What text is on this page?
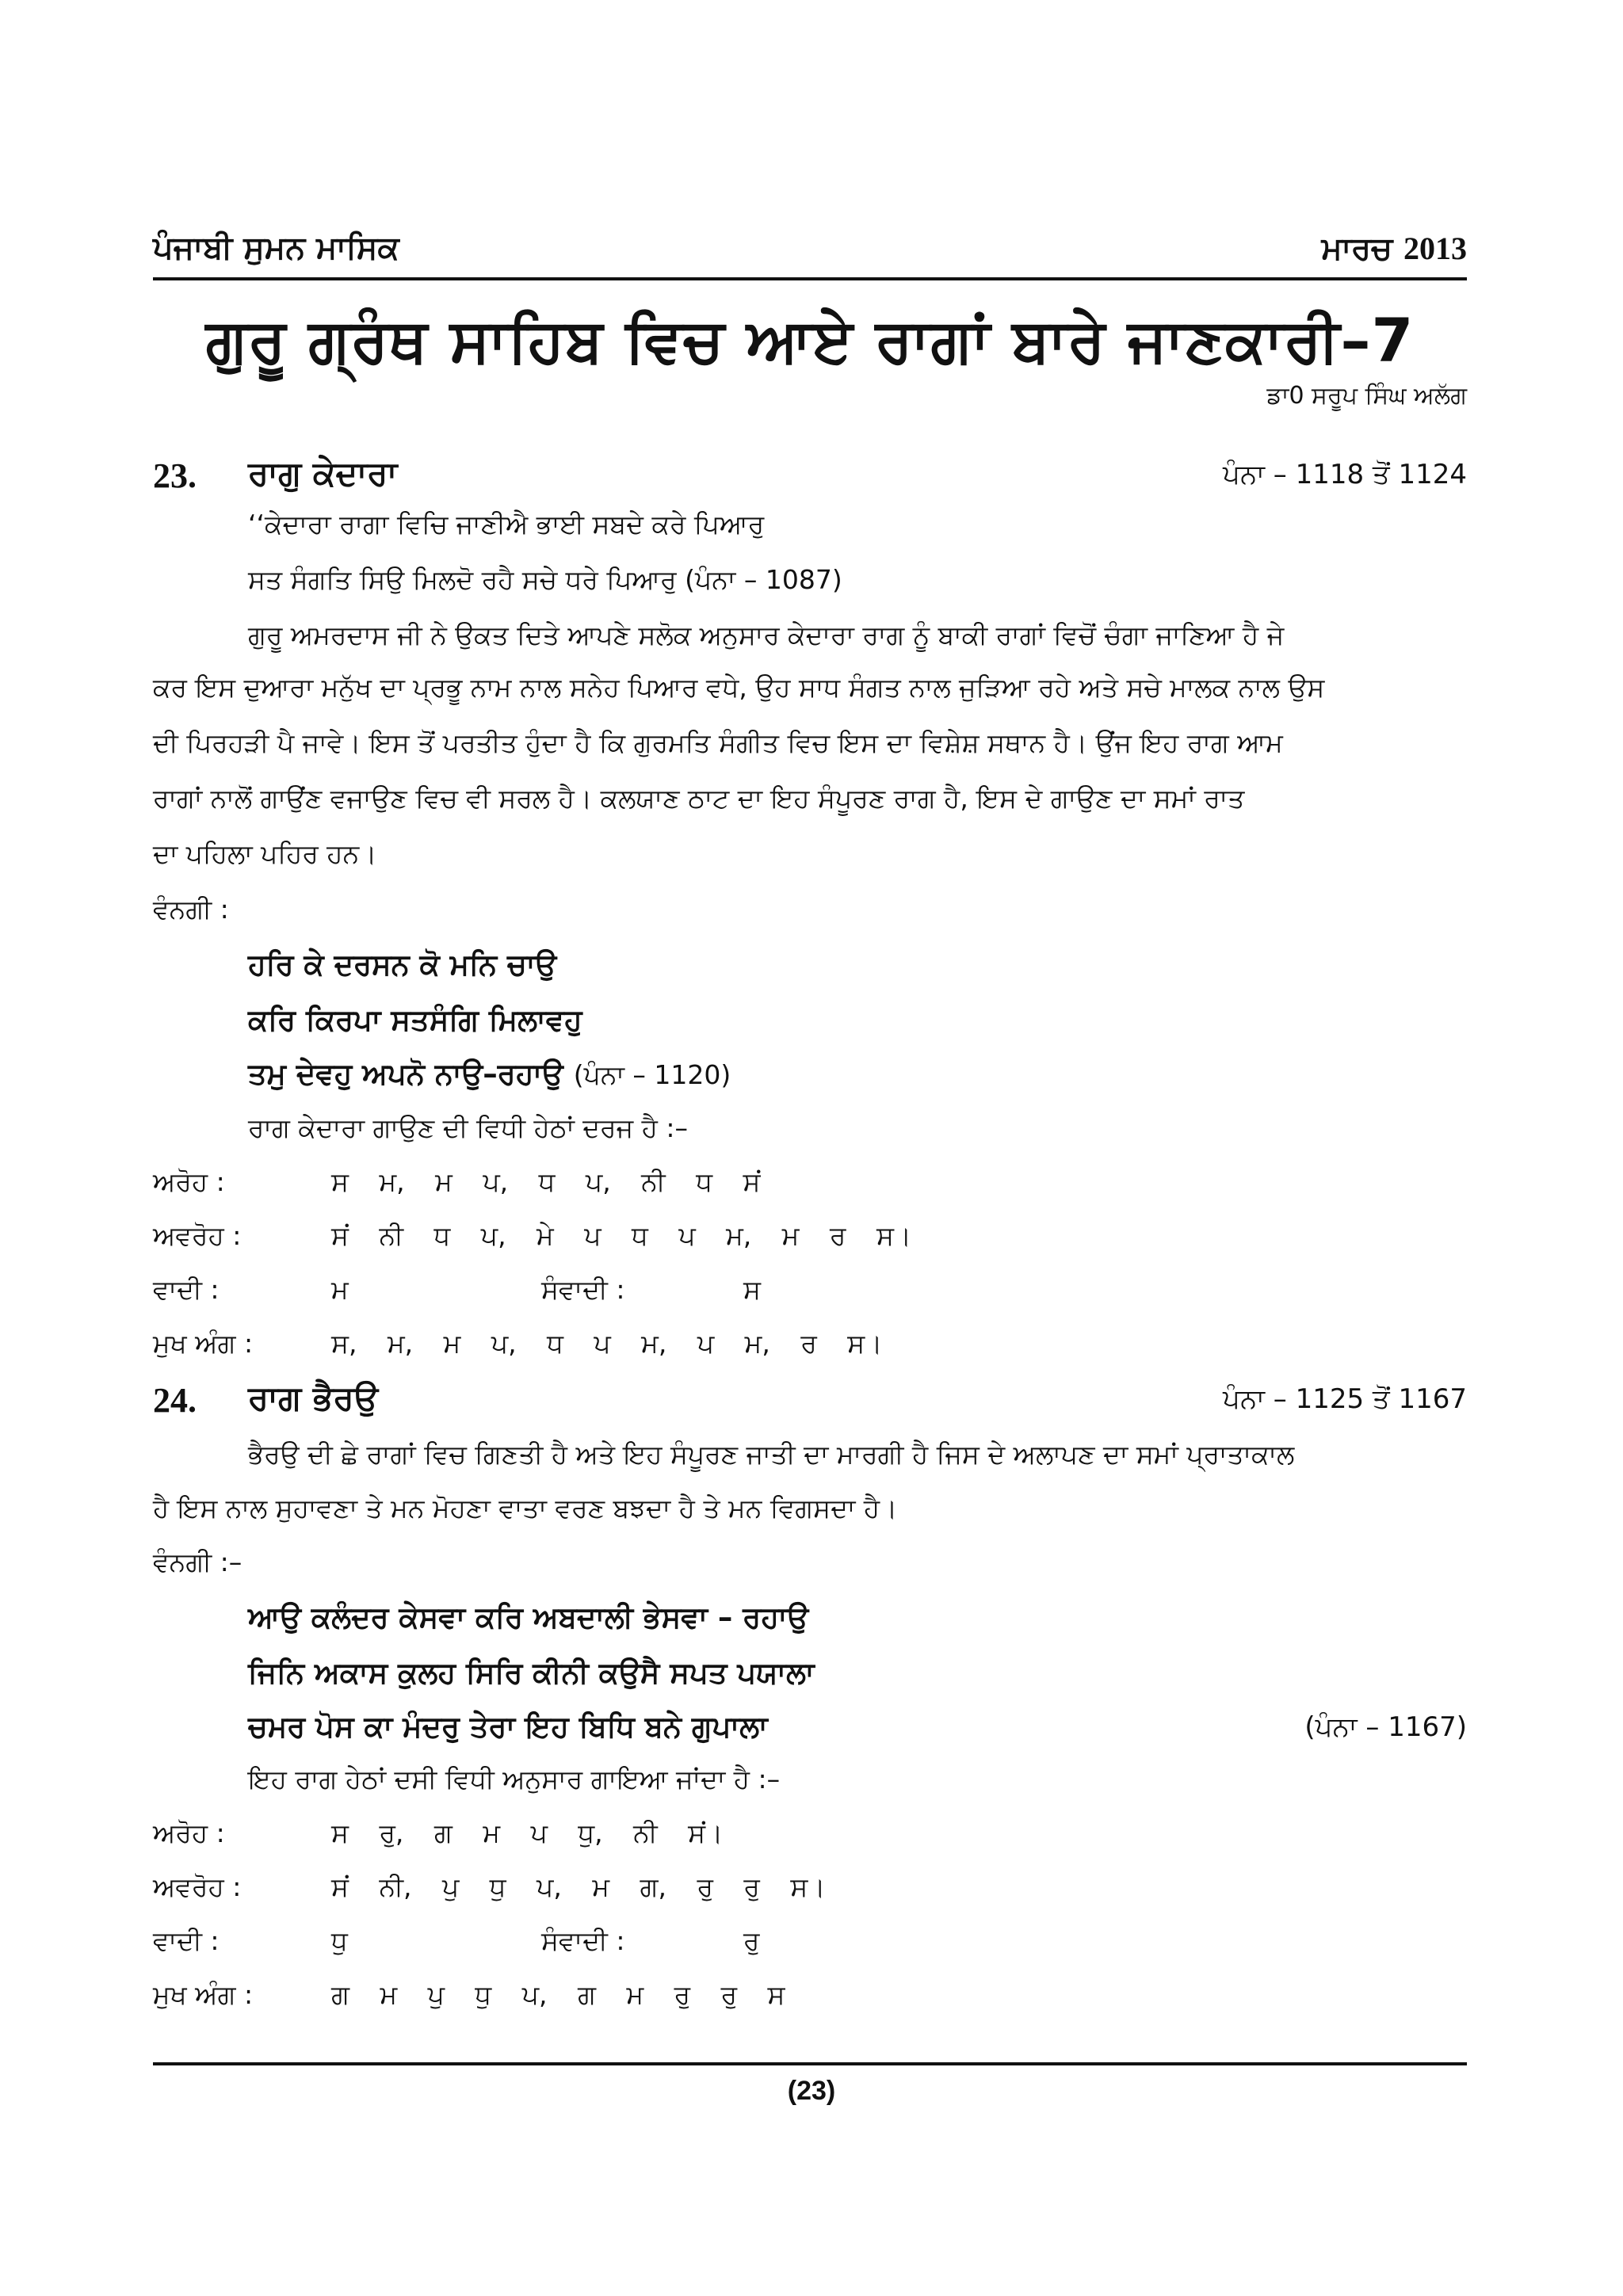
ਪੰਜਾਬੀ ਸੁਮਨ ਮਾਸਿਕ	ਮਾਰਚ 2013
ਗੁਰੂ ਗ੍ਰੰਥ ਸਾਹਿਬ ਵਿਚ ਆਏ ਰਾਗਾਂ ਬਾਰੇ ਜਾਣਕਾਰੀ–7
ਡਾ0 ਸਰੂਪ ਸਿੰਘ ਅਲੱਗ
23. ਰਾਗੁ ਕੇਦਾਰਾ	ਪੰਨਾ – 1118 ਤੋਂ 1124
‘‘ਕੇਦਾਰਾ ਰਾਗਾ ਵਿਚਿ ਜਾਣੀਐ ਭਾਈ ਸਬਦੇ ਕਰੇ ਪਿਆਰੁ
ਸਤ ਸੰਗਤਿ ਸਿਉ ਮਿਲਦੋ ਰਹੈ ਸਚੇ ਧਰੇ ਪਿਆਰੁ (ਪੰਨਾ – 1087)
ਗੁਰੂ ਅਮਰਦਾਸ ਜੀ ਨੇ ਉਕਤ ਦਿਤੇ ਆਪਣੇ ਸਲੋਕ ਅਨੁਸਾਰ ਕੇਦਾਰਾ ਰਾਗ ਨੂੰ ਬਾਕੀ ਰਾਗਾਂ ਵਿਚੋਂ ਚੰਗਾ ਜਾਣਿਆ ਹੈ ਜੇ
ਕਰ ਇਸ ਦੁਆਰਾ ਮਨੁੱਖ ਦਾ ਪ੍ਰਭੂ ਨਾਮ ਨਾਲ ਸਨੇਹ ਪਿਆਰ ਵਧੇ, ਉਹ ਸਾਧ ਸੰਗਤ ਨਾਲ ਜੁੜਿਆ ਰਹੇ ਅਤੇ ਸਚੇ ਮਾਲਕ ਨਾਲ ਉਸ
ਦੀ ਪਿਰਹੜੀ ਪੈ ਜਾਵੇ। ਇਸ ਤੋਂ ਪਰਤੀਤ ਹੁੰਦਾ ਹੈ ਕਿ ਗੁਰਮਤਿ ਸੰਗੀਤ ਵਿਚ ਇਸ ਦਾ ਵਿਸ਼ੇਸ਼ ਸਥਾਨ ਹੈ। ਉਂਜ ਇਹ ਰਾਗ ਆਮ
ਰਾਗਾਂ ਨਾਲੋਂ ਗਾਉਂਣ ਵਜਾਉਣ ਵਿਚ ਵੀ ਸਰਲ ਹੈ। ਕਲਯਾਣ ਠਾਟ ਦਾ ਇਹ ਸੰਪੂਰਣ ਰਾਗ ਹੈ, ਇਸ ਦੇ ਗਾਉਣ ਦਾ ਸਮਾਂ ਰਾਤ
ਦਾ ਪਹਿਲਾ ਪਹਿਰ ਹਨ।
ਵੰਨਗੀ :
ਹਰਿ ਕੇ ਦਰਸਨ ਕੋ ਮਨਿ ਚਾਉ
ਕਰਿ ਕਿਰਪਾ ਸਤਸੰਗਿ ਮਿਲਾਵਹੁ
ਤਮੁ ਦੇਵਹੁ ਅਪਨੋ ਨਾਉ–ਰਹਾਉ (ਪੰਨਾ – 1120)
ਰਾਗ ਕੇਦਾਰਾ ਗਾਉਣ ਦੀ ਵਿਧੀ ਹੇਠਾਂ ਦਰਜ ਹੈ :–
ਅਰੋਹ :	ਸ ਮ, ਮ ਪ, ਧ ਪ, ਨੀ ਧ ਸਂ
ਅਵਰੋਹ :	ਸਂ ਨੀ ਧ ਪ, ਮੇ ਪ ਧ ਪ ਮ, ਮ ਰ ਸ।
ਵਾਦੀ :	ਮ	ਸੰਵਾਦੀ :	ਸ
ਮੁਖ ਅੰਗ :	ਸ, ਮ, ਮ ਪ, ਧ ਪ ਮ, ਪ ਮ, ਰ ਸ।
24. ਰਾਗ ਭੈਰਉ	ਪੰਨਾ – 1125 ਤੋਂ 1167
ਭੈਰਉ ਦੀ ਛੇ ਰਾਗਾਂ ਵਿਚ ਗਿਣਤੀ ਹੈ ਅਤੇ ਇਹ ਸੰਪੂਰਣ ਜਾਤੀ ਦਾ ਮਾਰਗੀ ਹੈ ਜਿਸ ਦੇ ਅਲਾਪਣ ਦਾ ਸਮਾਂ ਪ੍ਰਾਤਾਕਾਲ
ਹੈ ਇਸ ਨਾਲ ਸੁਹਾਵਣਾ ਤੇ ਮਨ ਮੋਹਣਾ ਵਾਤਾ ਵਰਣ ਬਝਦਾ ਹੈ ਤੇ ਮਨ ਵਿਗਸਦਾ ਹੈ।
ਵੰਨਗੀ :–
ਆਉ ਕਲੰਦਰ ਕੇਸਵਾ ਕਰਿ ਅਬਦਾਲੀ ਭੇਸਵਾ – ਰਹਾਉ
ਜਿਨਿ ਅਕਾਸ ਕੁਲਹ ਸਿਰਿ ਕੀਨੀ ਕਉਸੈ ਸਪਤ ਪਯਾਲਾ
ਚਮਰ ਪੋਸ ਕਾ ਮੰਦਰੁ ਤੇਰਾ ਇਹ ਬਿਧਿ ਬਨੇ ਗੁਪਾਲਾ	(ਪੰਨਾ – 1167)
ਇਹ ਰਾਗ ਹੇਠਾਂ ਦਸੀ ਵਿਧੀ ਅਨੁਸਾਰ ਗਾਇਆ ਜਾਂਦਾ ਹੈ :–
ਅਰੋਹ :	ਸ ਰੁ, ਗ ਮ ਪ ਧੁ, ਨੀ ਸਂ।
ਅਵਰੋਹ :	ਸਂ ਨੀ, ਪੁ ਧੁ ਪ, ਮ ਗ, ਰੁ ਰੁ ਸ।
ਵਾਦੀ :	ਧੁ	ਸੰਵਾਦੀ :	ਰੁ
ਮੁਖ ਅੰਗ :	ਗ ਮ ਪੁ ਧੁ ਪ, ਗ ਮ ਰੁ ਰੁ ਸ
(23)
